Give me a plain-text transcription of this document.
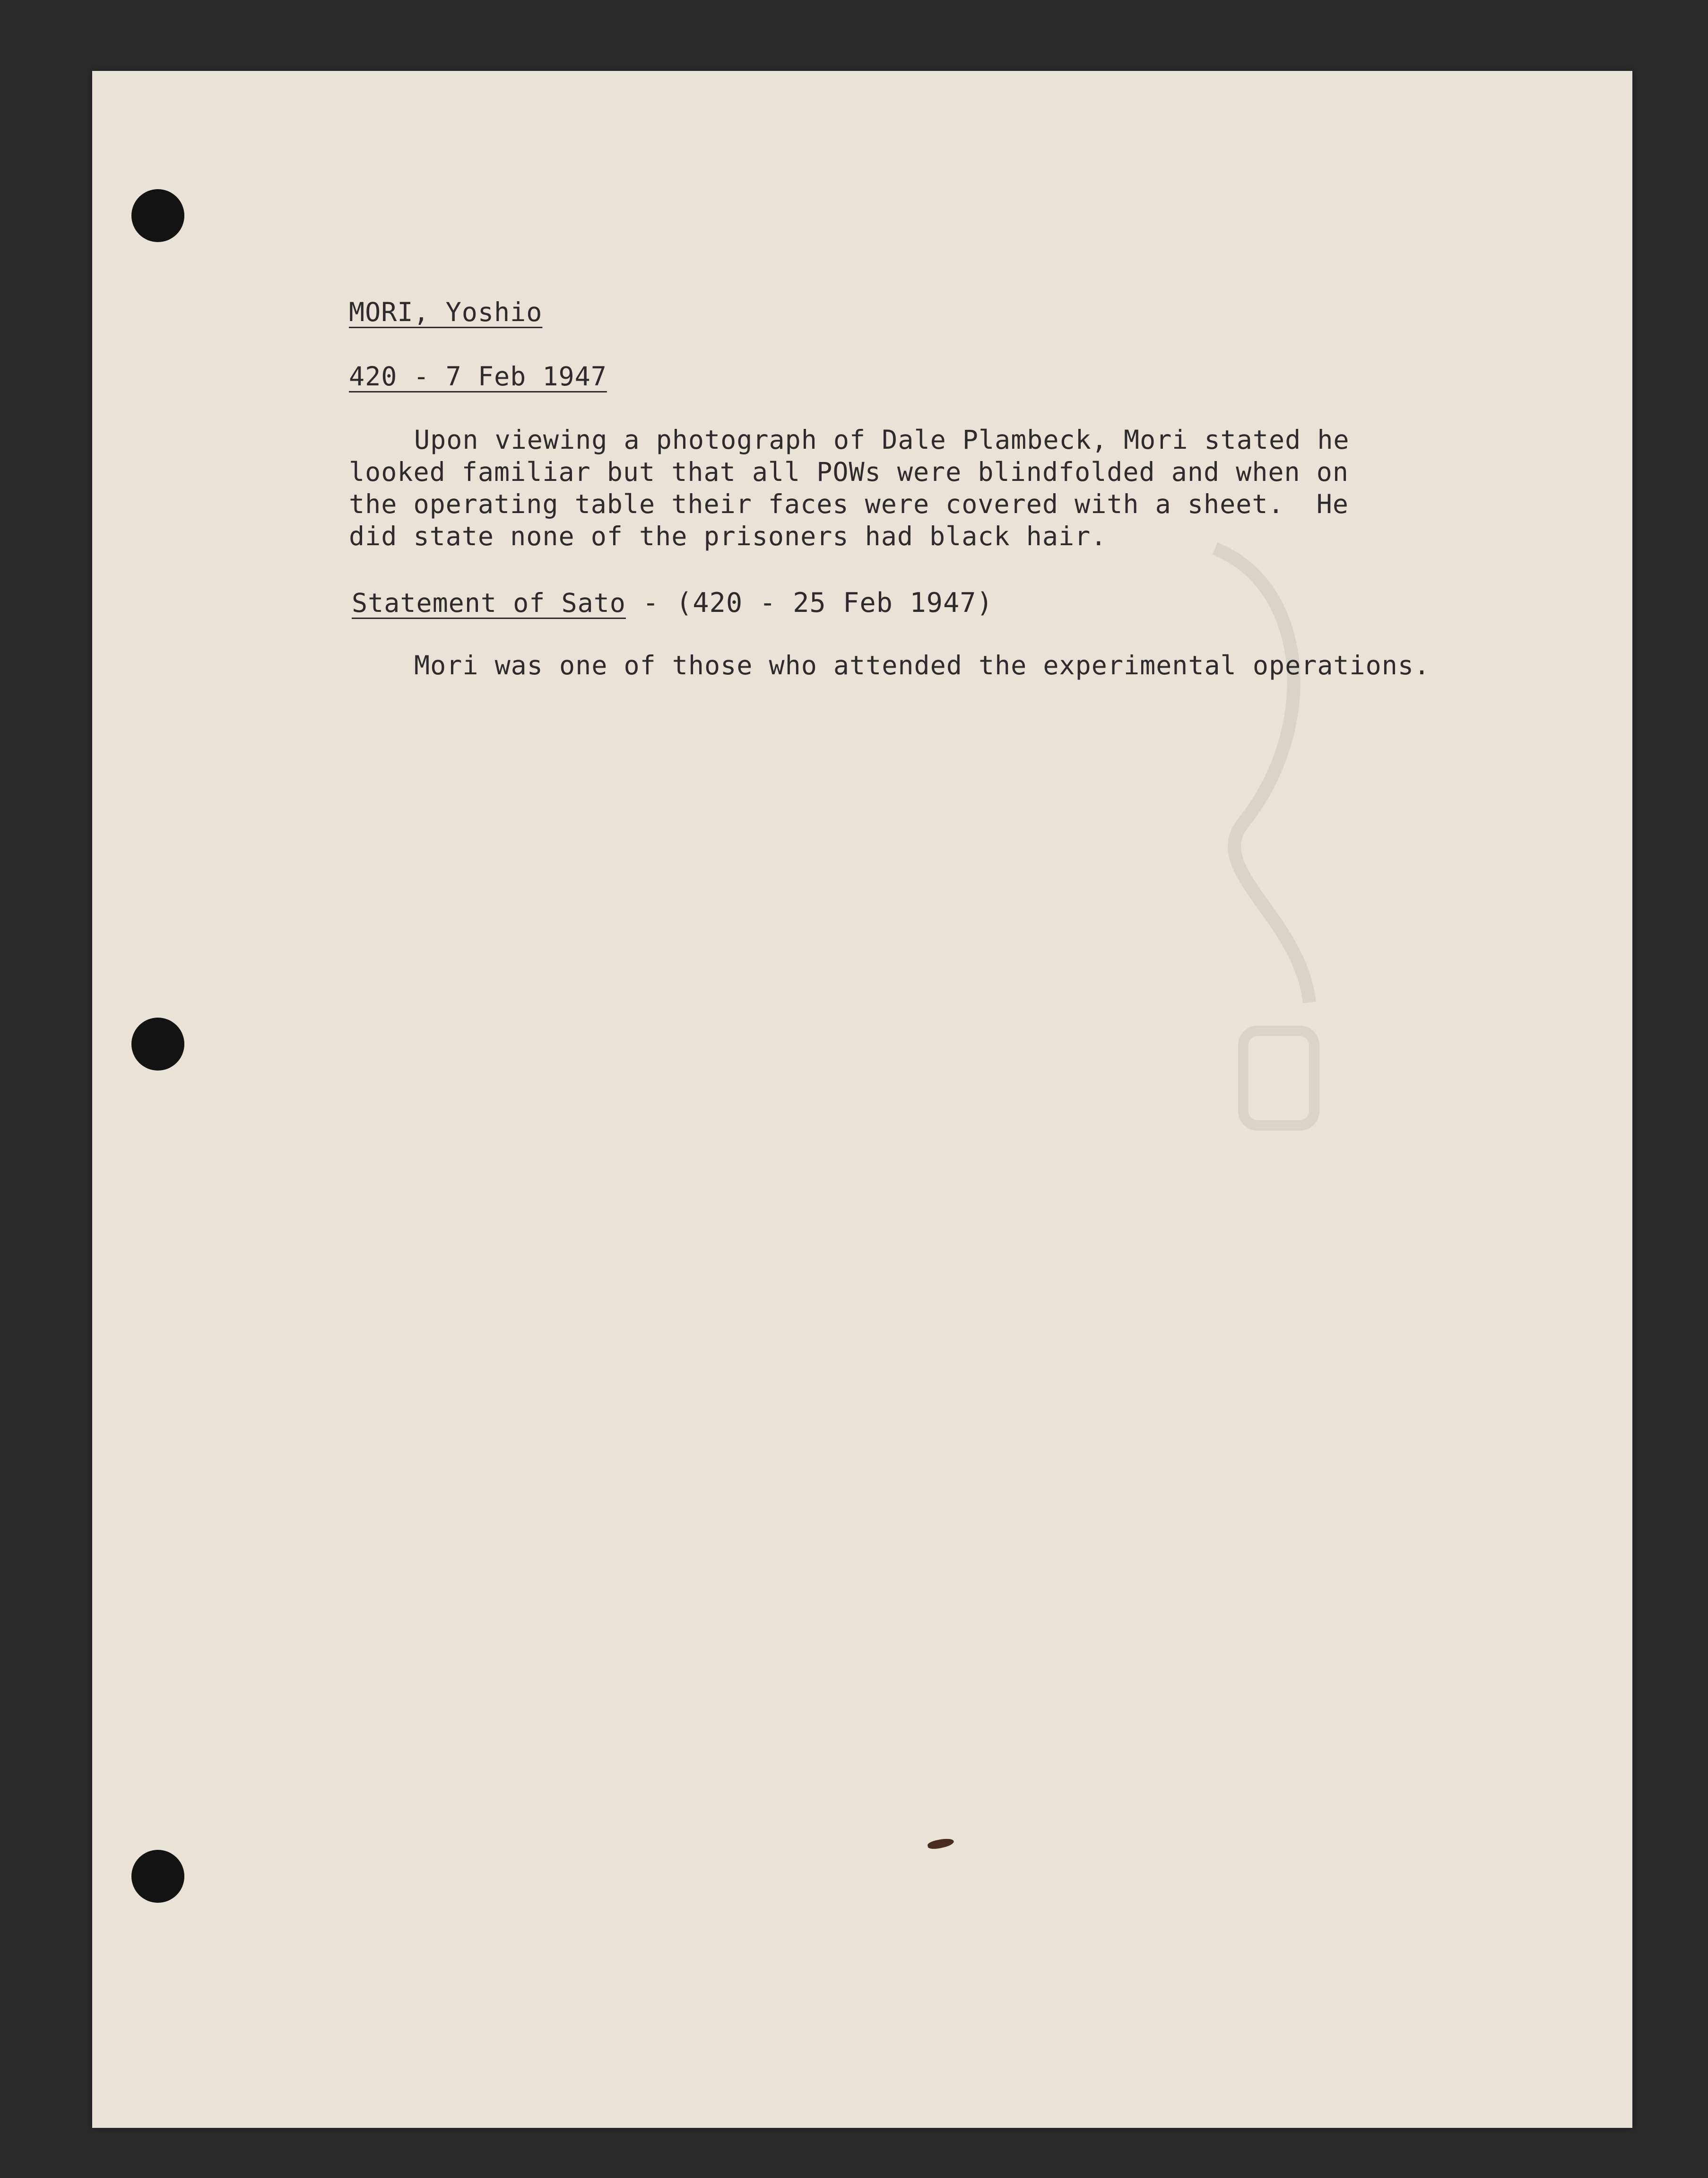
MORI, Yoshio
420 - 7 Feb 1947
Upon viewing a photograph of Dale Plambeck, Mori stated he
looked familiar but that all POWs were blindfolded and when on
the operating table their faces were covered with a sheet.  He
did state none of the prisoners had black hair.
Statement of Sato - (420 - 25 Feb 1947)
Mori was one of those who attended the experimental operations.
